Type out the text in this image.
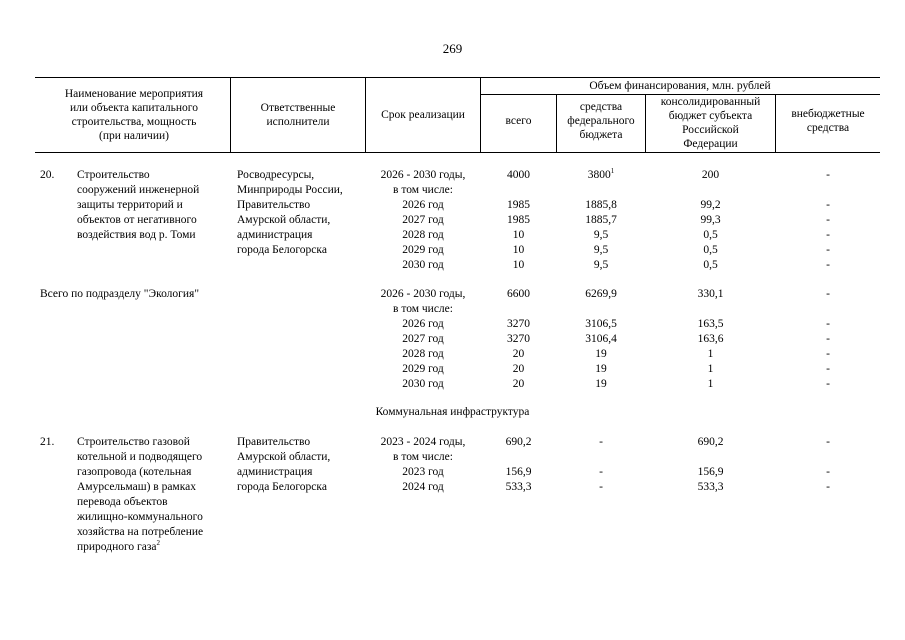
269
Наименование мероприятия
или объекта капитального
строительства, мощность
(при наличии)
Ответственные
исполнители
Срок реализации
Объем финансирования, млн. рублей
всего
средства
федерального
бюджета
консолидированный
бюджет субъекта
Российской
Федерации
внебюджетные
средства
20. Строительство
сооружений инженерной
защиты территорий и
объектов от негативного
воздействия вод р. Томи
Росводресурсы,
Минприроды России,
Правительство
Амурской области,
администрация
города Белогорска
2026 - 2030 годы,
в том числе:
2026 год
2027 год
2028 год
2029 год
2030 год
4000
1985
1985
10
10
10
3800$^1$
1885,8
1885,7
9,5
9,5
9,5
200
99,2
99,3
0,5
0,5
0,5
-
-
-
-
-
-
Всего по подразделу "Экология"	2026 - 2030 годы,
в том числе:
2026 год
2027 год
2028 год
2029 год
2030 год
6600
3270
3270
20
20
20
6269,9
3106,5
3106,4
19
19
19
330,1
163,5
163,6
1
1
1
-
-
-
-
-
-
Коммунальная инфраструктура
21. Строительство газовой
котельной и подводящего
газопровода (котельная
Амурсельмаш) в рамках
перевода объектов
жилищно-коммунального
хозяйства на потребление
природного газа$^2$
Правительство
Амурской области,
администрация
города Белогорска
2023 - 2024 годы,
в том числе:
2023 год
2024 год
690,2
156,9
533,3
-
-
-
690,2
156,9
533,3
-
-
-
